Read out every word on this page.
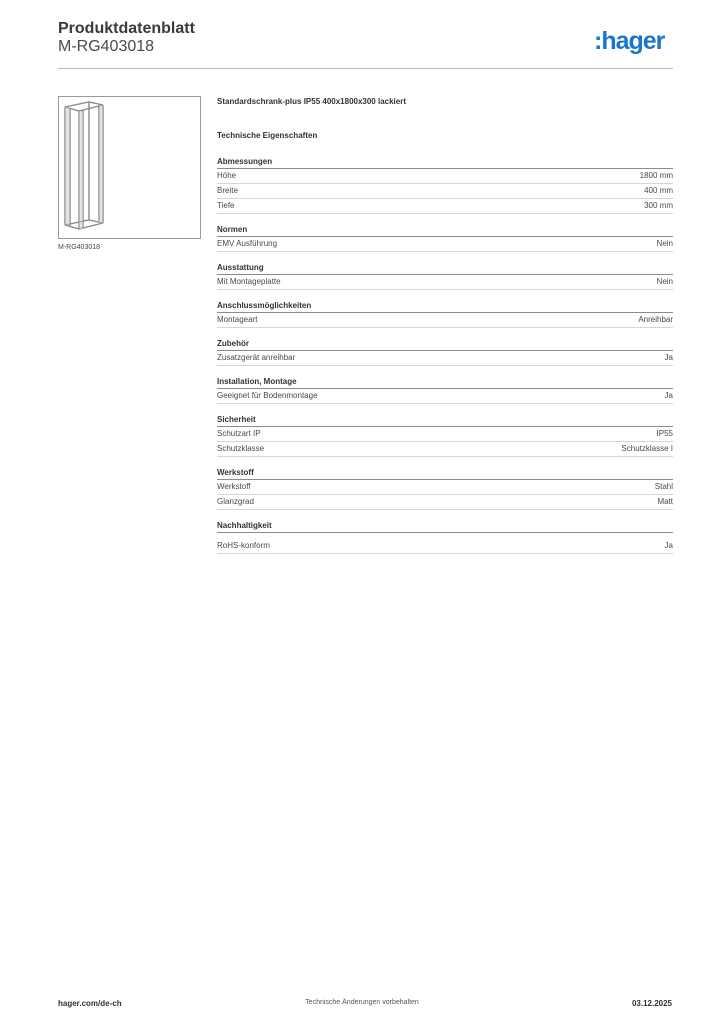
Produktdatenblatt
M-RG403018	:hager
M-RG403018
Standardschrank-plus IP55 400x1800x300 lackiert
Technische Eigenschaften
Abmessungen
Höhe	1800 mm
Breite	400 mm
Tiefe	300 mm
Normen
EMV Ausführung	Nein
Ausstattung
Mit Montageplatte	Nein
Anschlussmöglichkeiten
Montageart	Anreihbar
Zubehör
Zusatzgerät anreihbar	Ja
Installation, Montage
Geeignet für Bodenmontage	Ja
Sicherheit
Schutzart IP	IP55
Schutzklasse	Schutzklasse I
Werkstoff
Werkstoff	Stahl
Glanzgrad	Matt
Nachhaltigkeit
RoHS-konform	Ja
hager.com/de-ch	Technische Änderungen vorbehalten	03.12.2025
